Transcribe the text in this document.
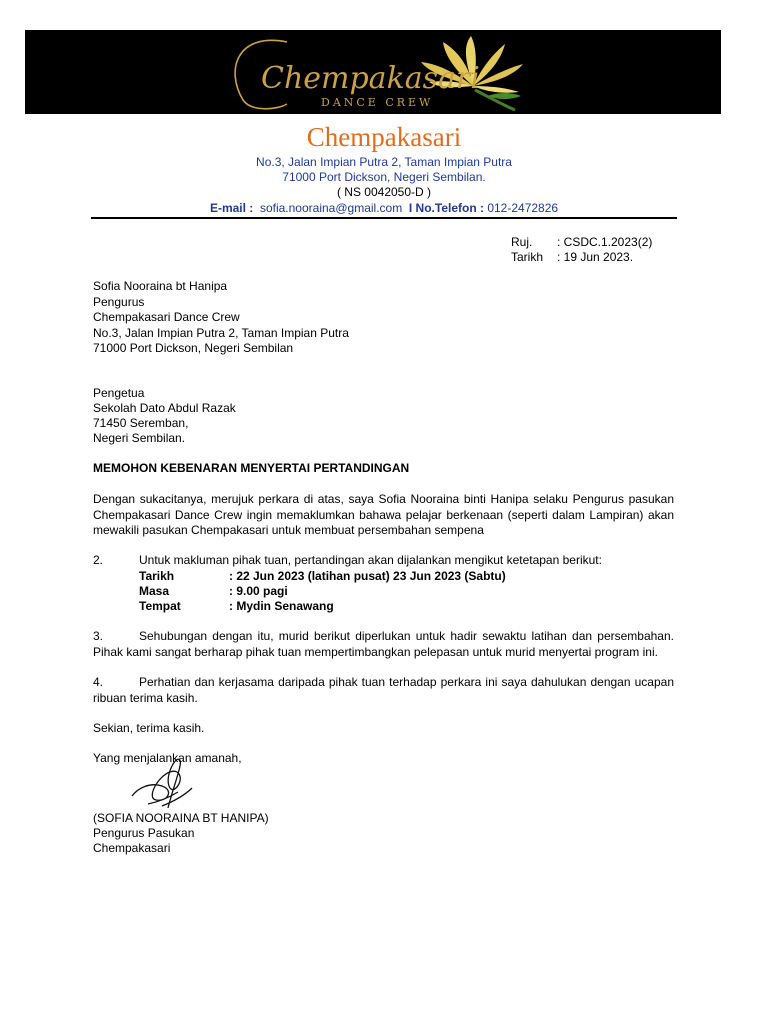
Chempakasari
DANCE CREW
Chempakasari
No.3, Jalan Impian Putra 2, Taman Impian Putra
71000 Port Dickson, Negeri Sembilan.
( NS 0042050-D )
E-mail : sofia.nooraina@gmail.com I No.Telefon : 012-2472826
Ruj. : CSDC.1.2023(2)
Tarikh : 19 Jun 2023.
Sofia Nooraina bt Hanipa
Pengurus
Chempakasari Dance Crew
No.3, Jalan Impian Putra 2, Taman Impian Putra
71000 Port Dickson, Negeri Sembilan
Pengetua
Sekolah Dato Abdul Razak
71450 Seremban,
Negeri Sembilan.
MEMOHON KEBENARAN MENYERTAI PERTANDINGAN
Dengan sukacitanya, merujuk perkara di atas, saya Sofia Nooraina binti Hanipa selaku Pengurus pasukan Chempakasari Dance Crew ingin memaklumkan bahawa pelajar berkenaan (seperti dalam Lampiran) akan mewakili pasukan Chempakasari untuk membuat persembahan sempena
2.	Untuk makluman pihak tuan, pertandingan akan dijalankan mengikut ketetapan berikut:
Tarikh	: 22 Jun 2023 (latihan pusat) 23 Jun 2023 (Sabtu)
Masa	: 9.00 pagi
Tempat	: Mydin Senawang
3.	Sehubungan dengan itu, murid berikut diperlukan untuk hadir sewaktu latihan dan persembahan. Pihak kami sangat berharap pihak tuan mempertimbangkan pelepasan untuk murid menyertai program ini.
4.	Perhatian dan kerjasama daripada pihak tuan terhadap perkara ini saya dahulukan dengan ucapan ribuan terima kasih.
Sekian, terima kasih.
Yang menjalankan amanah,
(SOFIA NOORAINA BT HANIPA)
Pengurus Pasukan
Chempakasari
